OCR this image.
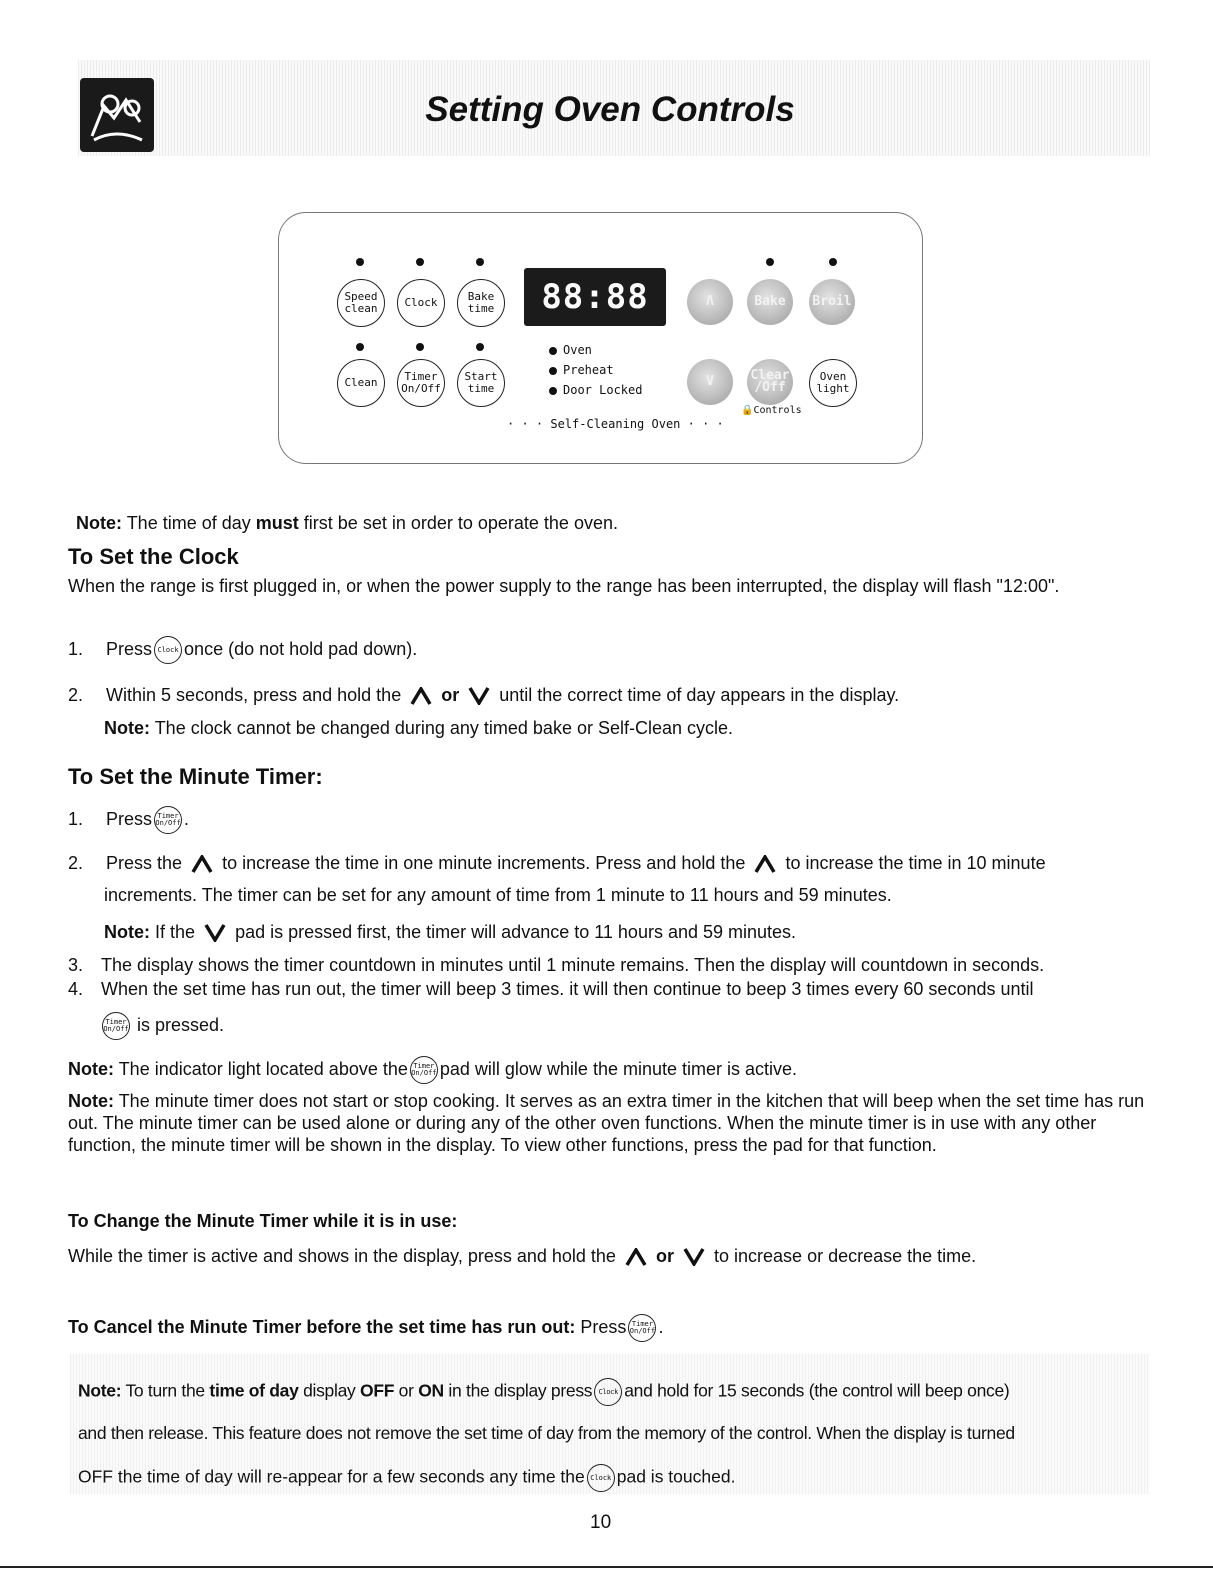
Setting Oven Controls
Speed
clean	Clock	Bake
time	Λ	Bake	Broil
Clean	Timer
On/Off
Start
time	V	Clear
/Off
Oven
light
Oven
Preheat
Door Locked
🔒Controls
· · · Self-Cleaning Oven · · ·
88:88
Note: The time of day must first be set in order to operate the oven.
To Set the Clock
When the range is first plugged in, or when the power supply to the range has been interrupted, the display will flash "12:00".
1. Press Clock once (do not hold pad down).
2. Within 5 seconds, press and hold the or until the correct time of day appears in the display.
Note: The clock cannot be changed during any timed bake or Self-Clean cycle.
To Set the Minute Timer:
1. Press Timer
On/Off .
2. Press the to increase the time in one minute increments. Press and hold the to increase the time in 10 minute
increments. The timer can be set for any amount of time from 1 minute to 11 hours and 59 minutes.
Note: If the pad is pressed first, the timer will advance to 11 hours and 59 minutes.
3. The display shows the timer countdown in minutes until 1 minute remains. Then the display will countdown in seconds.
4. When the set time has run out, the timer will beep 3 times. it will then continue to beep 3 times every 60 seconds until
Timer
On/Off is pressed.
Note: The indicator light located above the Timer
On/Off pad will glow while the minute timer is active.
Note: The minute timer does not start or stop cooking. It serves as an extra timer in the kitchen that will beep when the set time has run out. The minute timer can be used alone or during any of the other oven functions. When the minute timer is in use with any other function, the minute timer will be shown in the display. To view other functions, press the pad for that function.
To Change the Minute Timer while it is in use:
While the timer is active and shows in the display, press and hold the or to increase or decrease the time.
To Cancel the Minute Timer before the set time has run out: Press Timer
On/Off .
Note: To turn the time of day display OFF or ON in the display press Clock and hold for 15 seconds (the control will beep once)
and then release. This feature does not remove the set time of day from the memory of the control. When the display is turned
OFF the time of day will re-appear for a few seconds any time the Clock pad is touched.
10
